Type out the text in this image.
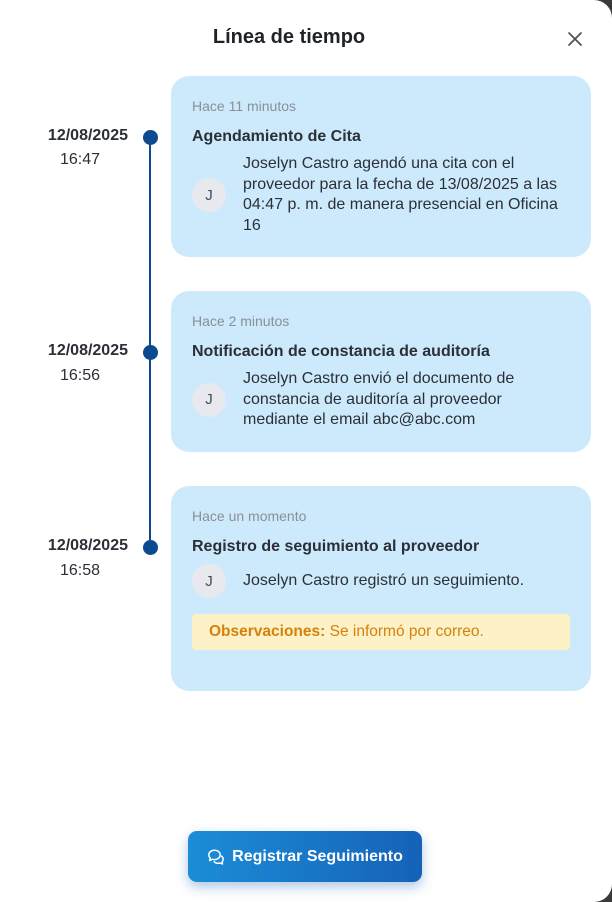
Línea de tiempo
12/08/2025
16:47
Hace 11 minutos
Agendamiento de Cita
J
Joselyn Castro agendó una cita con el proveedor para la fecha de 13/08/2025 a las 04:47 p. m. de manera presencial en Oficina 16
12/08/2025
16:56
Hace 2 minutos
Notificación de constancia de auditoría
J
Joselyn Castro envió el documento de constancia de auditoría al proveedor mediante el email abc@abc.com
12/08/2025
16:58
Hace un momento
Registro de seguimiento al proveedor
J	Joselyn Castro registró un seguimiento.
Observaciones: Se informó por correo.
Registrar Seguimiento
